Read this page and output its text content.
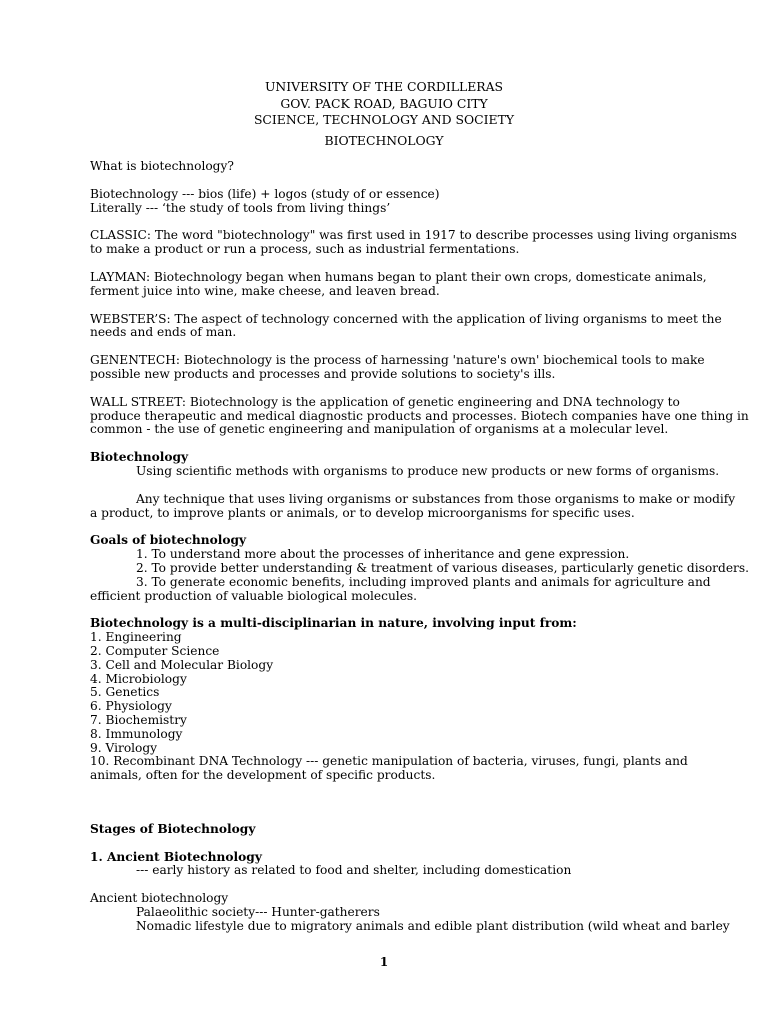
UNIVERSITY OF THE CORDILLERAS
GOV. PACK ROAD, BAGUIO CITY
SCIENCE, TECHNOLOGY AND SOCIETY
BIOTECHNOLOGY

What is biotechnology?

Biotechnology --- bios (life) + logos (study of or essence)

Literally --- ‘the study of tools from living things’

CLASSIC: The word "biotechnology" was first used in 1917 to describe processes using living organisms

to make a product or run a process, such as industrial fermentations.

LAYMAN: Biotechnology began when humans began to plant their own crops, domesticate animals,

ferment juice into wine, make cheese, and leaven bread.

WEBSTER’S: The aspect of technology concerned with the application of living organisms to meet the

needs and ends of man.

GENENTECH: Biotechnology is the process of harnessing 'nature's own' biochemical tools to make

possible new products and processes and provide solutions to society's ills.

WALL STREET: Biotechnology is the application of genetic engineering and DNA technology to

produce therapeutic and medical diagnostic products and processes. Biotech companies have one thing in

common - the use of genetic engineering and manipulation of organisms at a molecular level.

Biotechnology

Using scientific methods with organisms to produce new products or new forms of organisms.

Any technique that uses living organisms or substances from those organisms to make or modify

a product, to improve plants or animals, or to develop microorganisms for specific uses.

Goals of biotechnology

1. To understand more about the processes of inheritance and gene expression.

2. To provide better understanding & treatment of various diseases, particularly genetic disorders.

3. To generate economic benefits, including improved plants and animals for agriculture and

efficient production of valuable biological molecules.

Biotechnology is a multi-disciplinarian in nature, involving input from:

1. Engineering

2. Computer Science

3. Cell and Molecular Biology

4. Microbiology

5. Genetics

6. Physiology

7. Biochemistry

8. Immunology

9. Virology

10. Recombinant DNA Technology --- genetic manipulation of bacteria, viruses, fungi, plants and

animals, often for the development of specific products.

Stages of Biotechnology

1. Ancient Biotechnology

--- early history as related to food and shelter, including domestication

Ancient biotechnology

Palaeolithic society--- Hunter-gatherers

Nomadic lifestyle due to migratory animals and edible plant distribution (wild wheat and barley

1
